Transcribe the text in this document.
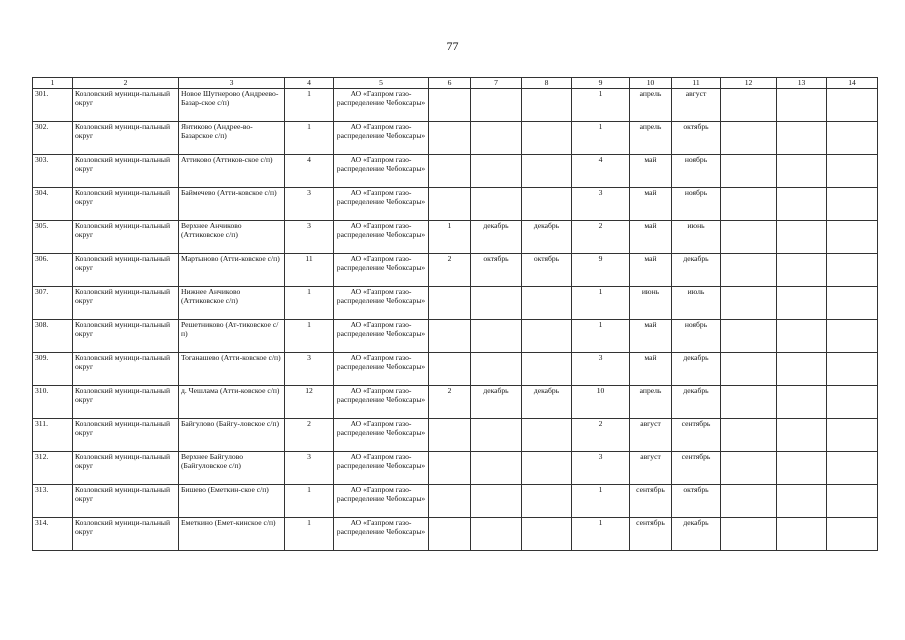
77
1	2	3	4	5	6	7	8	9	10	11	12	13	14
301.	Козловский муници-пальный округ	Новое Шутнерово (Андреево-Базар-ское с/п)	1	АО «Газпром газо-распределение Чебоксары»				1	апрель	август			
302.	Козловский муници-пальный округ	Янтиково (Андрее-во-Базарское с/п)	1	АО «Газпром газо-распределение Чебоксары»				1	апрель	октябрь			
303.	Козловский муници-пальный округ	Аттиково (Аттиков-ское с/п)	4	АО «Газпром газо-распределение Чебоксары»				4	май	ноябрь			
304.	Козловский муници-пальный округ	Баймечево (Атти-ковское с/п)	3	АО «Газпром газо-распределение Чебоксары»				3	май	ноябрь			
305.	Козловский муници-пальный округ	Верхнее Анчиково (Аттиковское с/п)	3	АО «Газпром газо-распределение Чебоксары»	1	декабрь	декабрь	2	май	июнь			
306.	Козловский муници-пальный округ	Мартыново (Атти-ковское с/п)	11	АО «Газпром газо-распределение Чебоксары»	2	октябрь	октябрь	9	май	декабрь			
307.	Козловский муници-пальный округ	Нижнее Анчиково (Аттиковское с/п)	1	АО «Газпром газо-распределение Чебоксары»				1	июнь	июль			
308.	Козловский муници-пальный округ	Решетниково (Ат-тиковское с/п)	1	АО «Газпром газо-распределение Чебоксары»				1	май	ноябрь			
309.	Козловский муници-пальный округ	Тоганашево (Атти-ковское с/п)	3	АО «Газпром газо-распределение Чебоксары»				3	май	декабрь			
310.	Козловский муници-пальный округ	д. Чешлама (Атти-ковское с/п)	12	АО «Газпром газо-распределение Чебоксары»	2	декабрь	декабрь	10	апрель	декабрь			
311.	Козловский муници-пальный округ	Байгулово (Байгу-ловское с/п)	2	АО «Газпром газо-распределение Чебоксары»				2	август	сентябрь			
312.	Козловский муници-пальный округ	Верхнее Байгулово (Байгуловское с/п)	3	АО «Газпром газо-распределение Чебоксары»				3	август	сентябрь			
313.	Козловский муници-пальный округ	Бишево (Еметкин-ское с/п)	1	АО «Газпром газо-распределение Чебоксары»				1	сентябрь	октябрь			
314.	Козловский муници-пальный округ	Еметкино (Емет-кинское с/п)	1	АО «Газпром газо-распределение Чебоксары»				1	сентябрь	декабрь			
